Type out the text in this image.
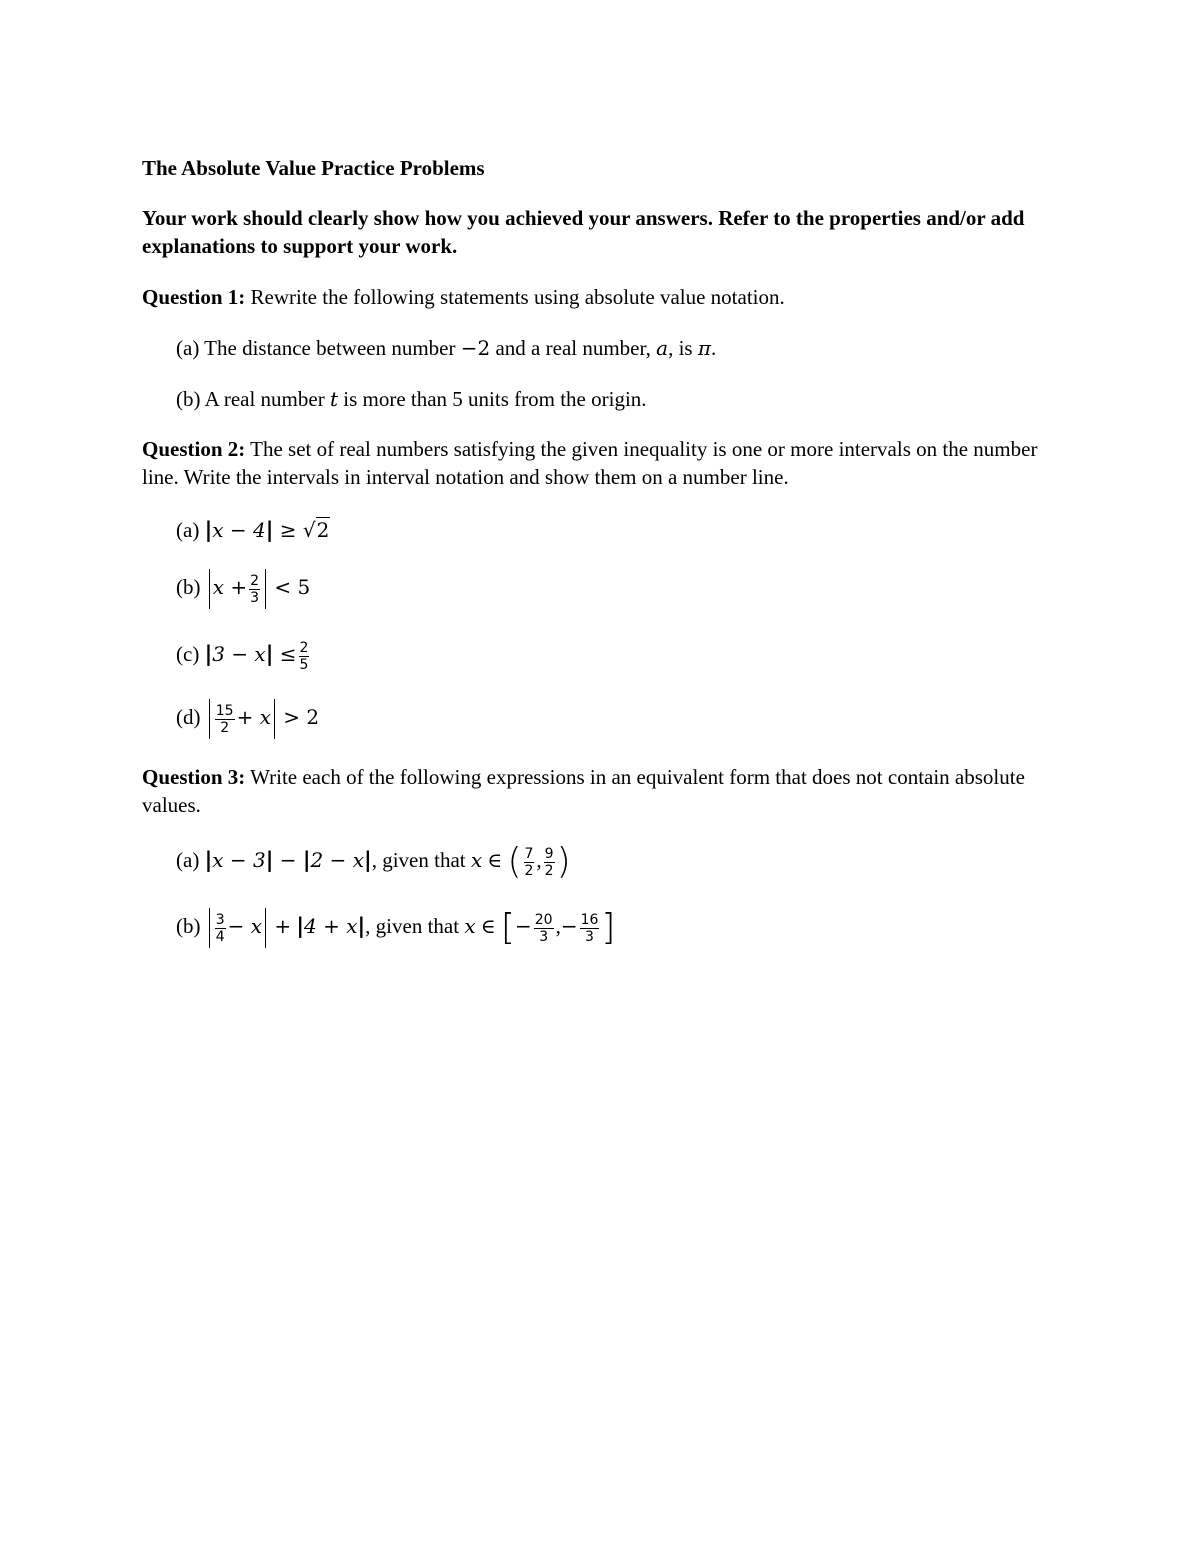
The Absolute Value Practice Problems
Your work should clearly show how you achieved your answers. Refer to the properties and/or add explanations to support your work.
Question 1: Rewrite the following statements using absolute value notation.
(a) The distance between number −2 and a real number, a, is π.
(b) A real number t is more than 5 units from the origin.
Question 2: The set of real numbers satisfying the given inequality is one or more intervals on the number line. Write the intervals in interval notation and show them on a number line.
(a) |x − 4| ≥ √2
(b) $x + \frac{2}{3} < 5$
(c) $|3 - x| \le \frac{2}{5}$
$(d) \frac{15}{2} + x > 2$
Question 3: Write each of the following expressions in an equivalent form that does not contain absolute values.
(a) |x − 3| − |2 − x|, given that x ∈ ( $\frac{7}{2}$ , $\frac{9}{2}$ )
$(b) \frac{3}{4} - x + |4 + x|$, given that x ∈ [− $\frac{20}{3}$ ,− $\frac{16}{3}$ ]
